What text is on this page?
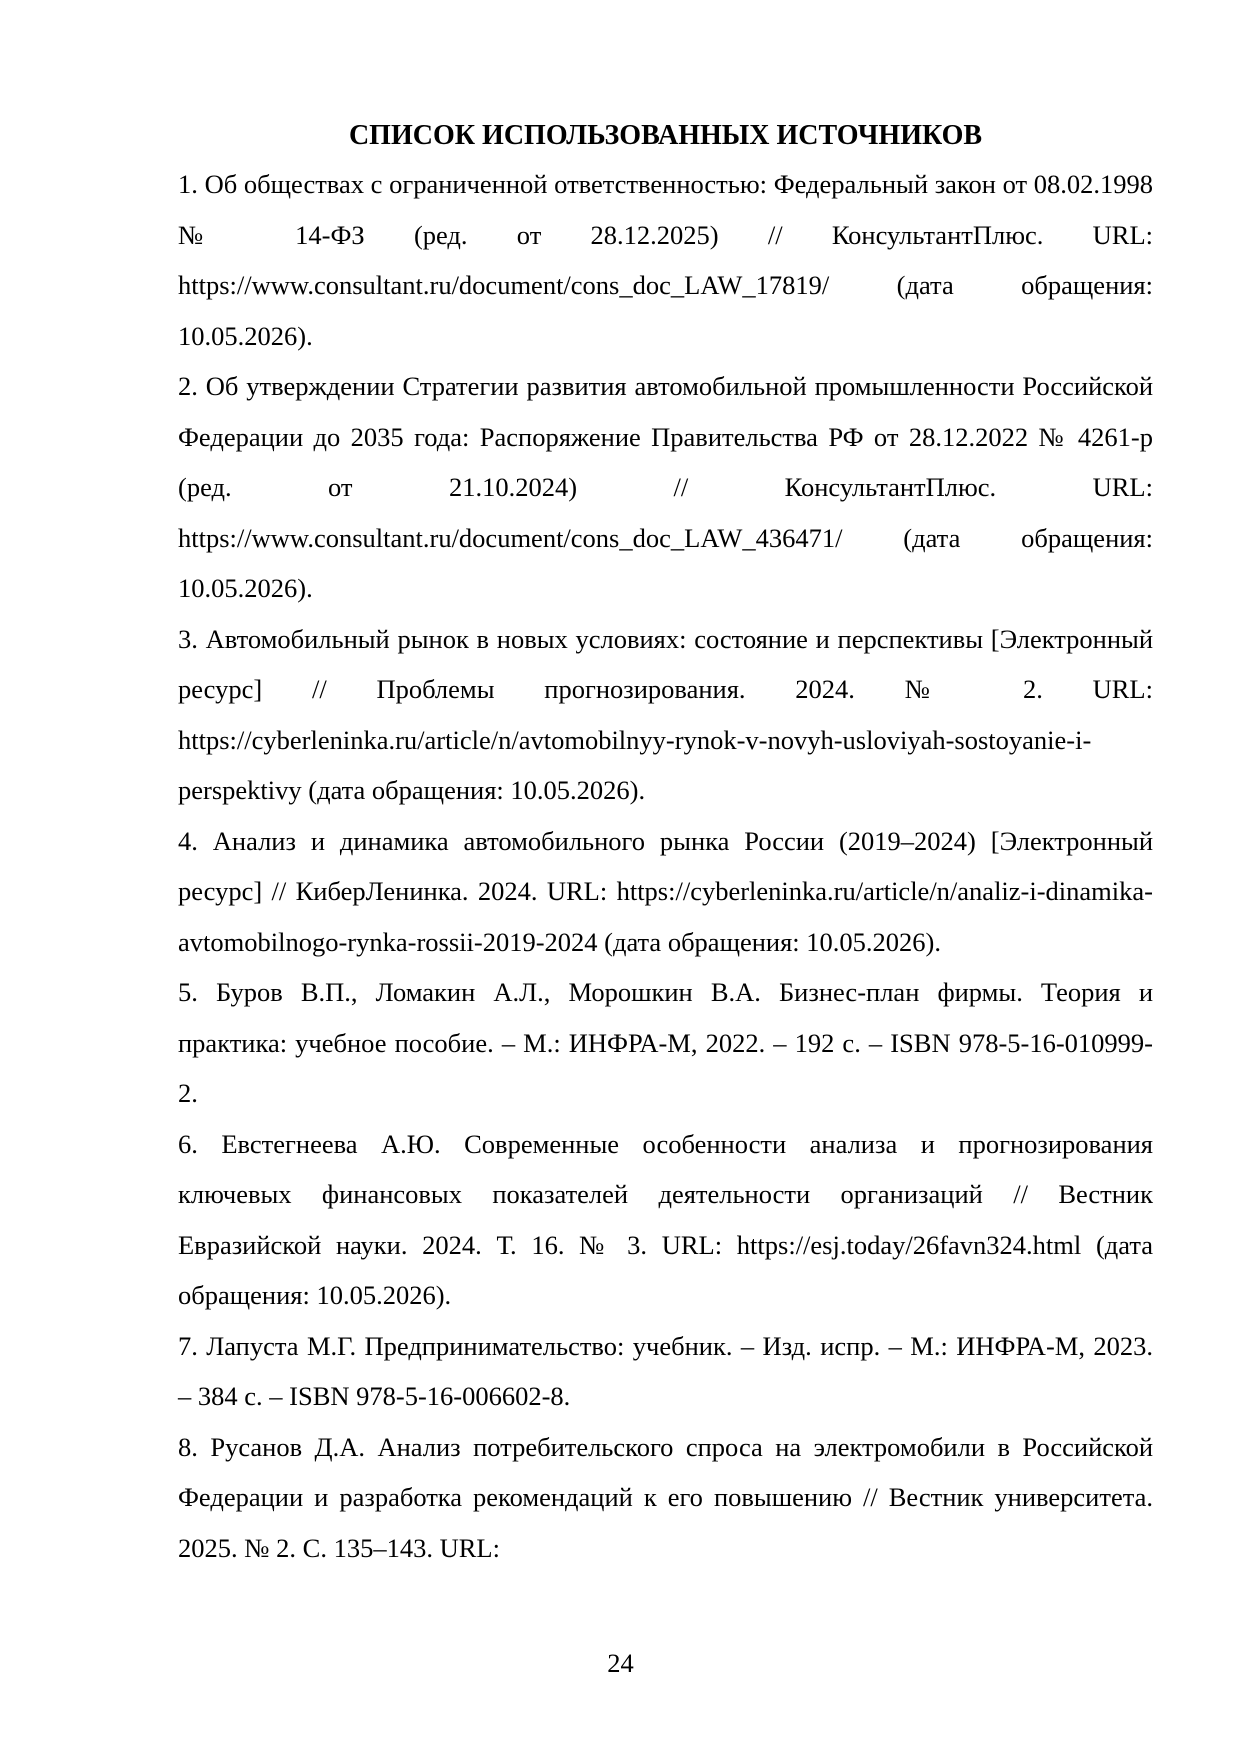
СПИСОК ИСПОЛЬЗОВАННЫХ ИСТОЧНИКОВ
1. Об обществах с ограниченной ответственностью: Федеральный закон от 08.02.1998 № 14-ФЗ (ред. от 28.12.2025) // КонсультантПлюс. URL: https://www.consultant.ru/document/cons_doc_LAW_17819/ (дата обращения: 10.05.2026).
2. Об утверждении Стратегии развития автомобильной промышленности Российской Федерации до 2035 года: Распоряжение Правительства РФ от 28.12.2022 № 4261-р (ред. от 21.10.2024) // КонсультантПлюс. URL: https://www.consultant.ru/document/cons_doc_LAW_436471/ (дата обращения: 10.05.2026).
3. Автомобильный рынок в новых условиях: состояние и перспективы [Электронный ресурс] // Проблемы прогнозирования. 2024. № 2. URL: https://cyberleninka.ru/article/n/avtomobilnyy-rynok-v-novyh-usloviyah-sostoyanie-i-perspektivy (дата обращения: 10.05.2026).
4. Анализ и динамика автомобильного рынка России (2019–2024) [Электронный ресурс] // КиберЛенинка. 2024. URL: https://cyberleninka.ru/article/n/analiz-i-dinamika-avtomobilnogo-rynka-rossii-2019-2024 (дата обращения: 10.05.2026).
5. Буров В.П., Ломакин А.Л., Морошкин В.А. Бизнес-план фирмы. Теория и практика: учебное пособие. – М.: ИНФРА-М, 2022. – 192 с. – ISBN 978-5-16-010999-2.
6. Евстегнеева А.Ю. Современные особенности анализа и прогнозирования ключевых финансовых показателей деятельности организаций // Вестник Евразийской науки. 2024. Т. 16. № 3. URL: https://esj.today/26favn324.html (дата обращения: 10.05.2026).
7. Лапуста М.Г. Предпринимательство: учебник. – Изд. испр. – М.: ИНФРА-М, 2023. – 384 с. – ISBN 978-5-16-006602-8.
8. Русанов Д.А. Анализ потребительского спроса на электромобили в Российской Федерации и разработка рекомендаций к его повышению // Вестник университета. 2025. № 2. С. 135–143. URL:
24
